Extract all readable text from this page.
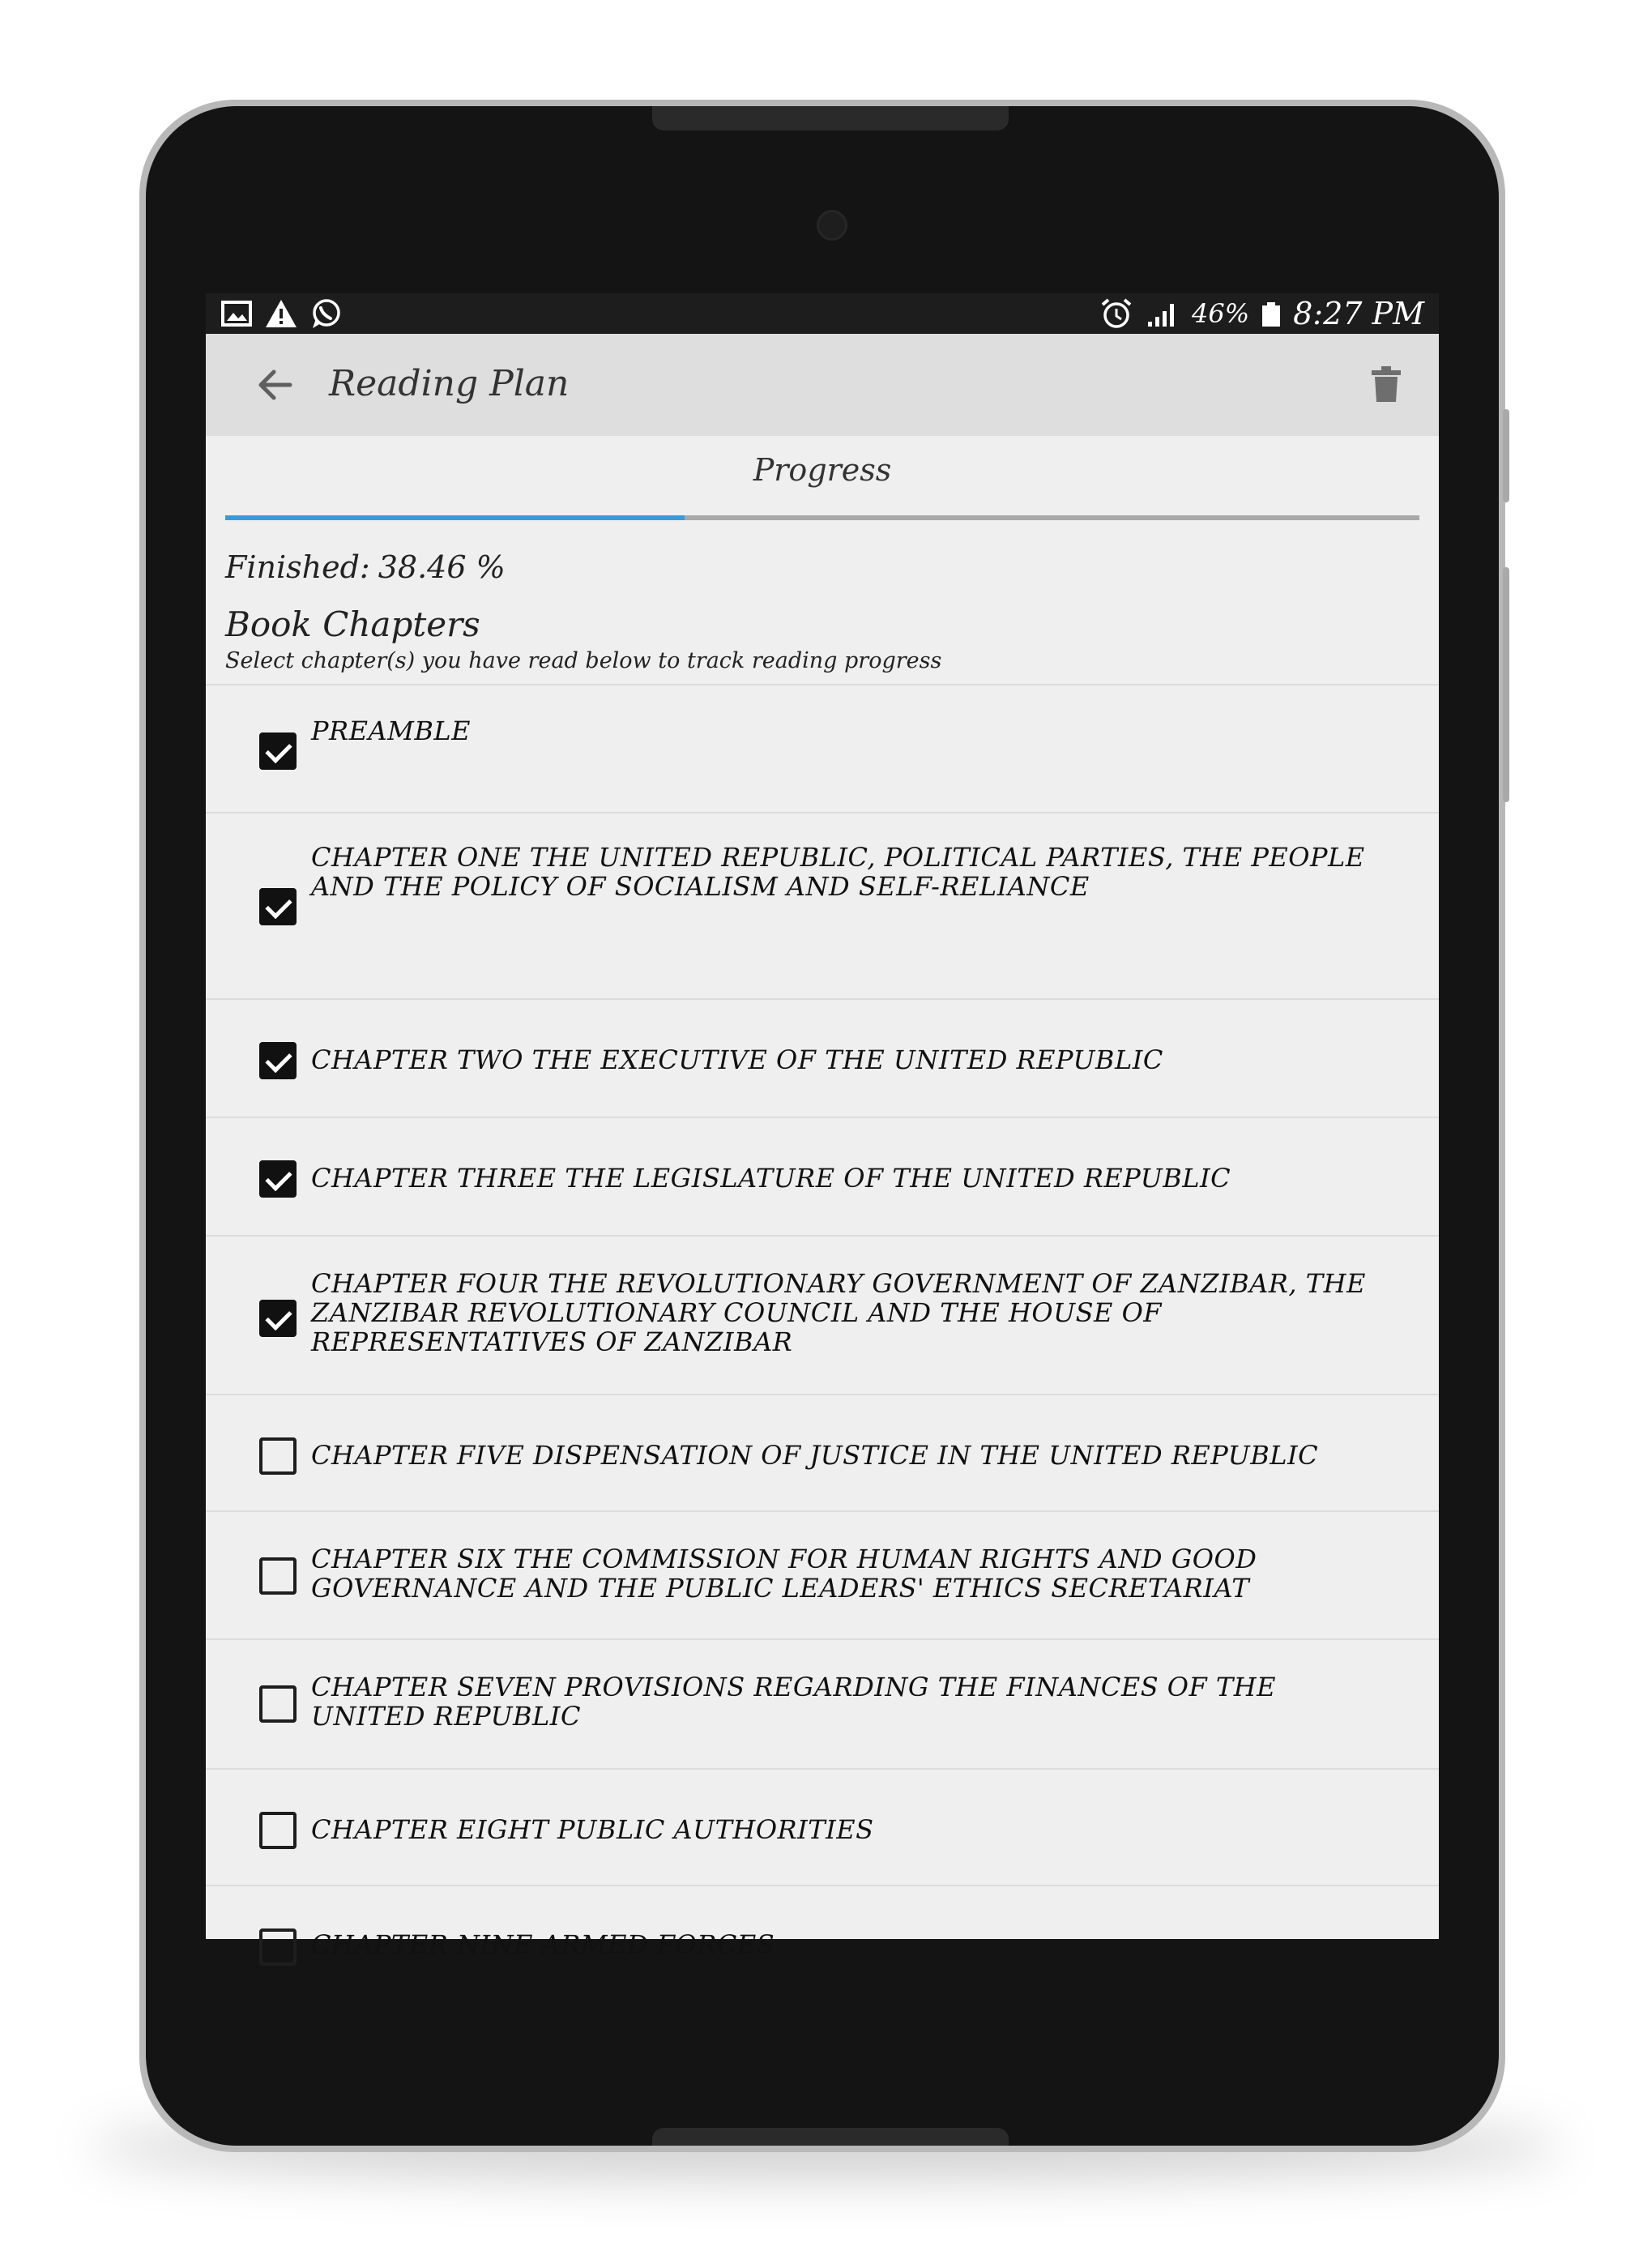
46% 8:27 PM
Reading Plan
Progress
Finished: 38.46 %
Book Chapters
Select chapter(s) you have read below to track reading progress
PREAMBLE
CHAPTER ONE THE UNITED REPUBLIC, POLITICAL PARTIES, THE PEOPLE AND THE POLICY OF SOCIALISM AND SELF-RELIANCE
CHAPTER TWO THE EXECUTIVE OF THE UNITED REPUBLIC
CHAPTER THREE THE LEGISLATURE OF THE UNITED REPUBLIC
CHAPTER FOUR THE REVOLUTIONARY GOVERNMENT OF ZANZIBAR, THE ZANZIBAR REVOLUTIONARY COUNCIL AND THE HOUSE OF REPRESENTATIVES OF ZANZIBAR
CHAPTER FIVE DISPENSATION OF JUSTICE IN THE UNITED REPUBLIC
CHAPTER SIX THE COMMISSION FOR HUMAN RIGHTS AND GOOD GOVERNANCE AND THE PUBLIC LEADERS' ETHICS SECRETARIAT
CHAPTER SEVEN PROVISIONS REGARDING THE FINANCES OF THE UNITED REPUBLIC
CHAPTER EIGHT PUBLIC AUTHORITIES
CHAPTER NINE ARMED FORCES
